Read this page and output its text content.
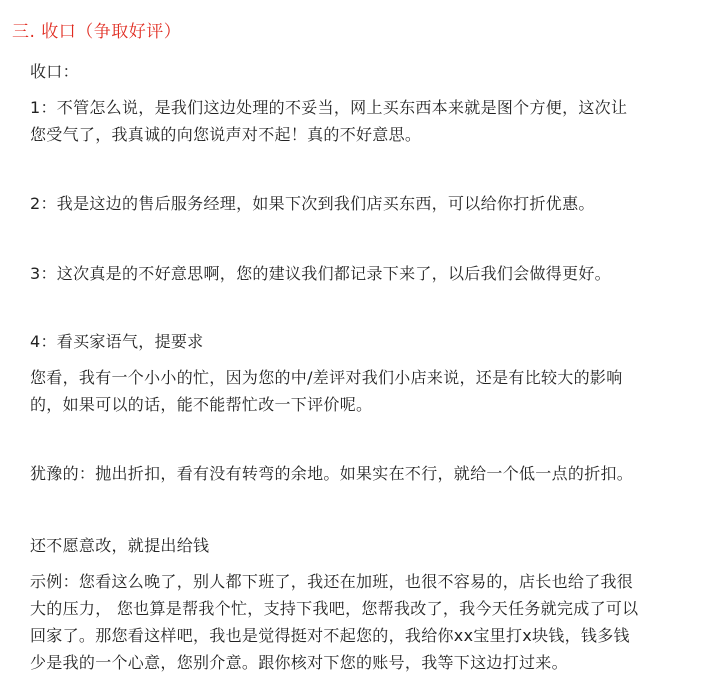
三. 收口（争取好评）
收口：
1：不管怎么说，是我们这边处理的不妥当，网上买东西本来就是图个方便，这次让
您受气了，我真诚的向您说声对不起！真的不好意思。
2：我是这边的售后服务经理，如果下次到我们店买东西，可以给你打折优惠。
3：这次真是的不好意思啊，您的建议我们都记录下来了，以后我们会做得更好。
4：看买家语气，提要求
您看，我有一个小小的忙，因为您的中/差评对我们小店来说，还是有比较大的影响
的，如果可以的话，能不能帮忙改一下评价呢。
犹豫的：抛出折扣，看有没有转弯的余地。如果实在不行，就给一个低一点的折扣。
还不愿意改，就提出给钱
示例：您看这么晚了，别人都下班了，我还在加班，也很不容易的，店长也给了我很
大的压力， 您也算是帮我个忙，支持下我吧，您帮我改了，我今天任务就完成了可以
回家了。那您看这样吧，我也是觉得挺对不起您的，我给你xx宝里打x块钱，钱多钱
少是我的一个心意，您别介意。跟你核对下您的账号，我等下这边打过来。
